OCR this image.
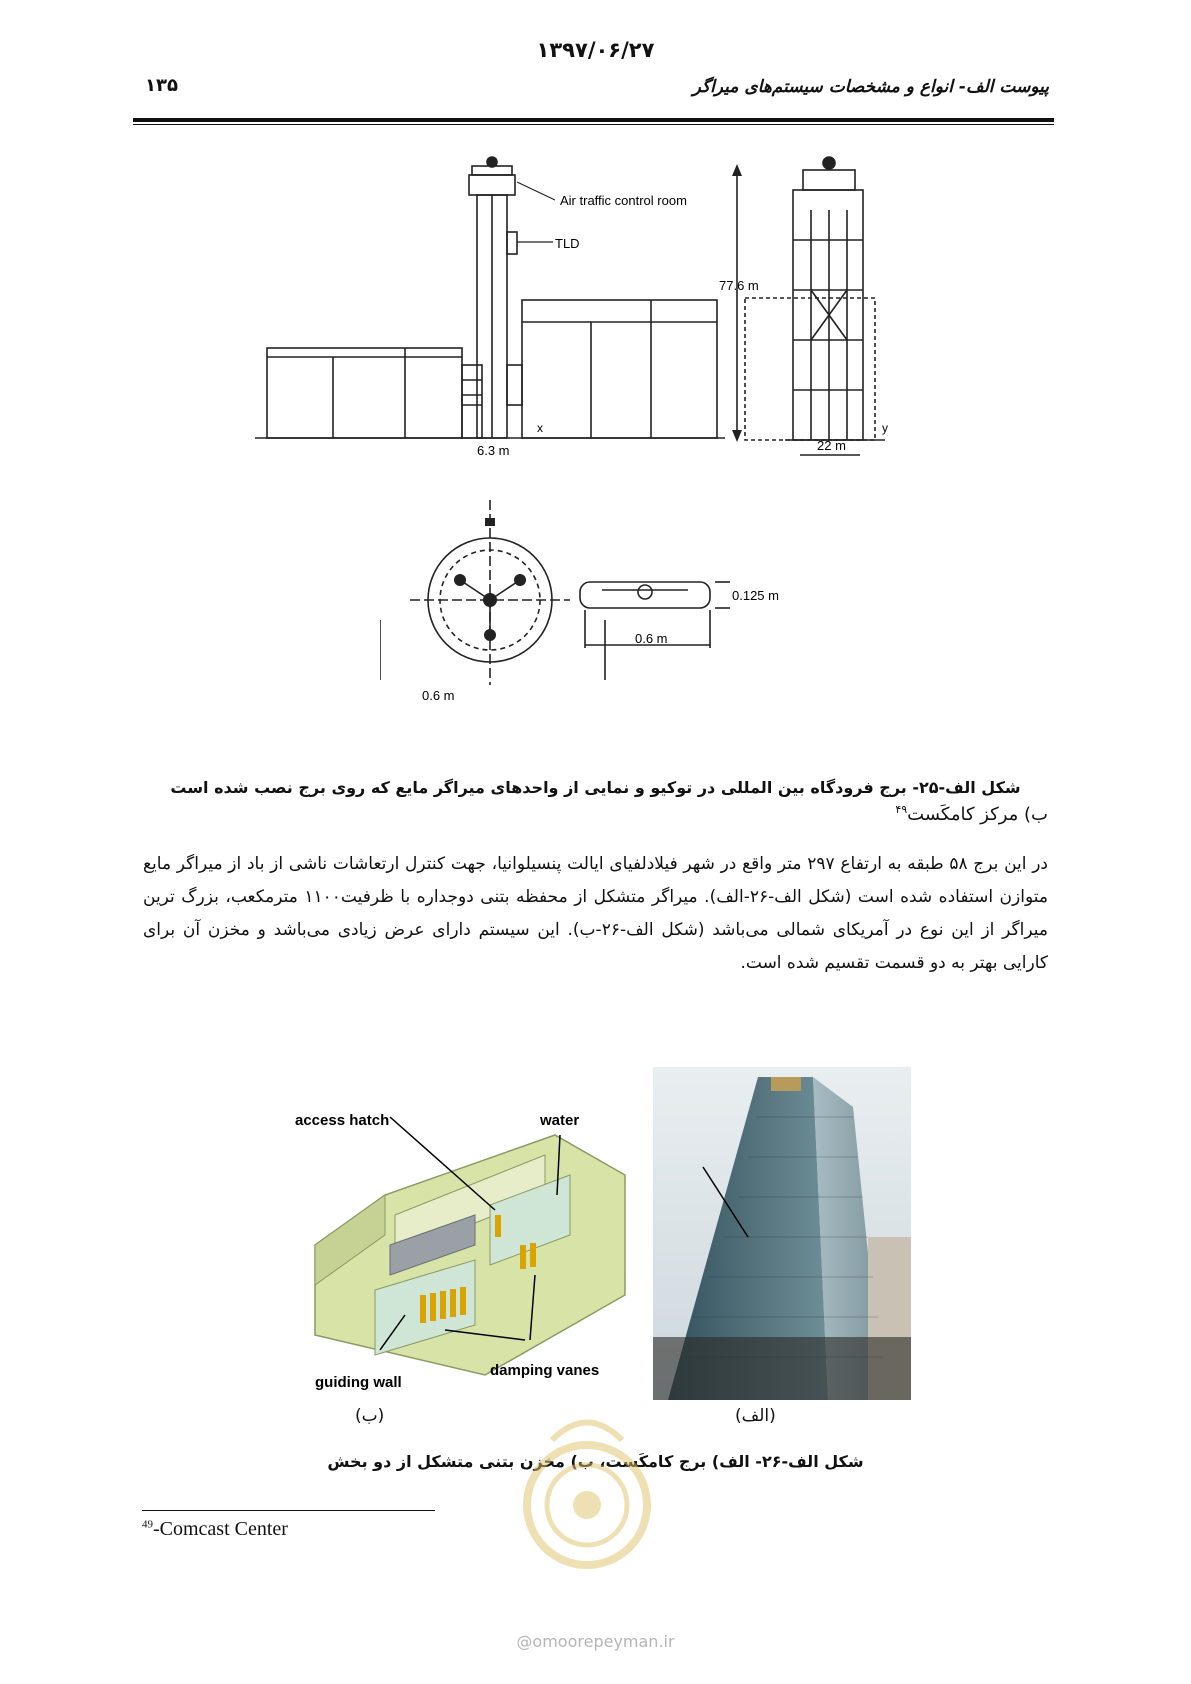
۱۳۹۷/۰۶/۲۷
۱۳۵	پیوست الف- انواع و مشخصات سیستم‌های میراگر
Air traffic control room
TLD
77.6 m
6.3 m
x	y
22 m
0.125 m
0.6 m
0.6 m
شکل الف-۲۵- برج فرودگاه بین المللی در توکیو و نمایی از واحدهای میراگر مایع که روی برج نصب شده است
ب) مرکز کامکَست$^{۴۹}$
در این برج ۵۸ طبقه به ارتفاع ۲۹۷ متر واقع در شهر فیلادلفیای ایالت پنسیلوانیا، جهت کنترل ارتعاشات ناشی از باد از میراگر مایع متوازن استفاده شده است (شکل الف-۲۶-الف). میراگر متشکل از محفظه بتنی دوجداره با ظرفیت۱۱۰۰ مترمکعب، بزرگ ترین میراگر از این نوع در آمریکای شمالی می‌باشد (شکل الف-۲۶-ب). این سیستم دارای عرض زیادی می‌باشد و مخزن آن برای کارایی بهتر به دو قسمت تقسیم شده است.
access hatch	water
guiding wall
damping vanes
(ب)	(الف)
شکل الف-۲۶- الف) برج کامکَست، ب) مخزن بتنی متشکل از دو بخش
$^{49}$-Comcast Center
@omoorepeyman.ir
